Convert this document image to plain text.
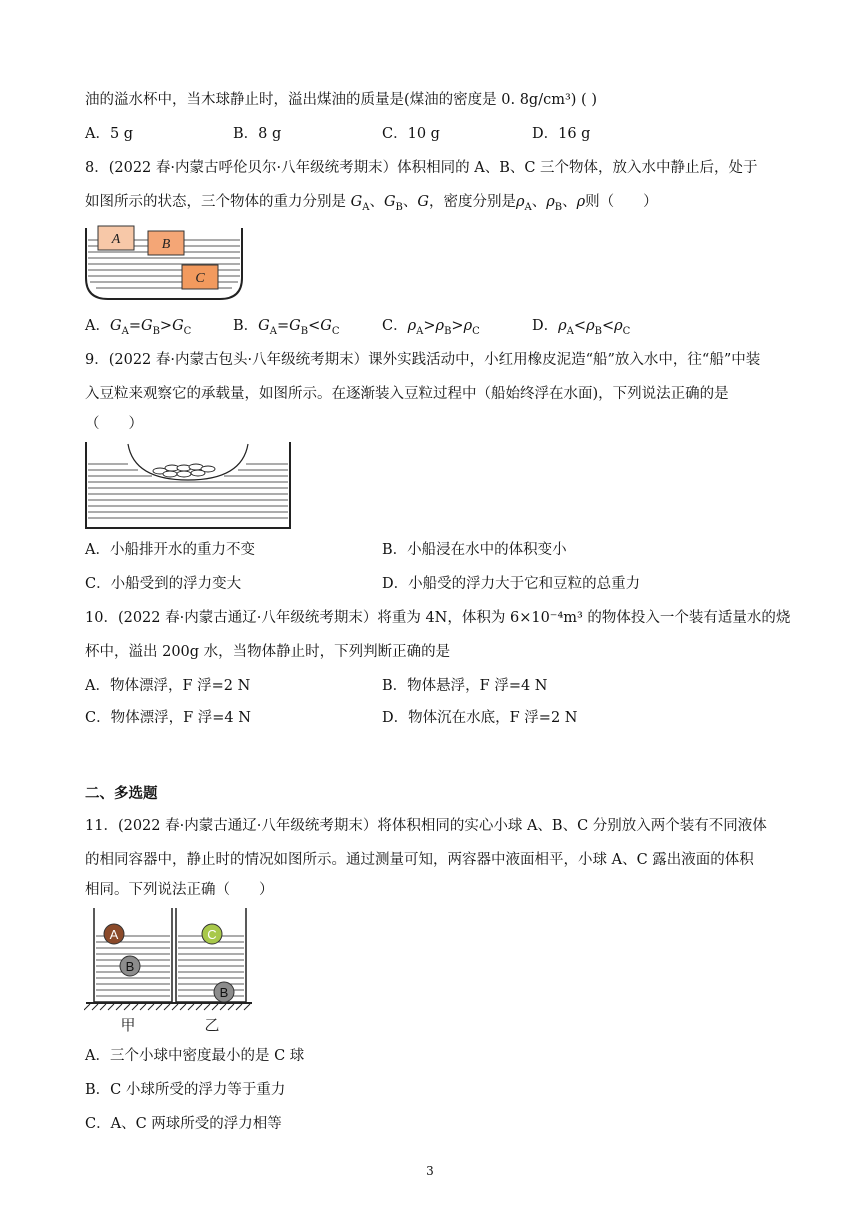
油的溢水杯中，当木球静止时，溢出煤油的质量是(煤油的密度是 0. 8g/cm³) ( )
A．5 g	B．8 g	C．10 g	D．16 g
8．(2022 春·内蒙古呼伦贝尔·八年级统考期末）体积相同的 A、B、C 三个物体，放入水中静止后，处于
如图所示的状态，三个物体的重力分别是 $G_A$、$G_B$、G，密度分别是$\rho_A$、$\rho_B$、ρ则（　　）
A	B
C
A．$G_A=G_B>G_C$	B．$G_A=G_B<G_C$	C．$\rho_A>\rho_B>\rho_C$	D．$\rho_A<\rho_B<\rho_C$
9．(2022 春·内蒙古包头·八年级统考期末）课外实践活动中，小红用橡皮泥造“船”放入水中，往“船”中装
入豆粒来观察它的承载量，如图所示。在逐渐装入豆粒过程中（船始终浮在水面)，下列说法正确的是
（　　）
A．小船排开水的重力不变	B．小船浸在水中的体积变小
C．小船受到的浮力变大	D．小船受的浮力大于它和豆粒的总重力
10．(2022 春·内蒙古通辽·八年级统考期末）将重为 4N，体积为 6×10⁻⁴m³ 的物体投入一个装有适量水的烧
杯中，溢出 200g 水，当物体静止时，下列判断正确的是
A．物体漂浮，F 浮=2 N	B．物体悬浮，F 浮=4 N
C．物体漂浮，F 浮=4 N	D．物体沉在水底，F 浮=2 N
二、多选题
11．(2022 春·内蒙古通辽·八年级统考期末）将体积相同的实心小球 A、B、C 分别放入两个装有不同液体
的相同容器中，静止时的情况如图所示。通过测量可知，两容器中液面相平，小球 A、C 露出液面的体积
相同。下列说法正确（　　）
A
B
C
B
甲	乙
A．三个小球中密度最小的是 C 球
B．C 小球所受的浮力等于重力
C．A、C 两球所受的浮力相等
3
